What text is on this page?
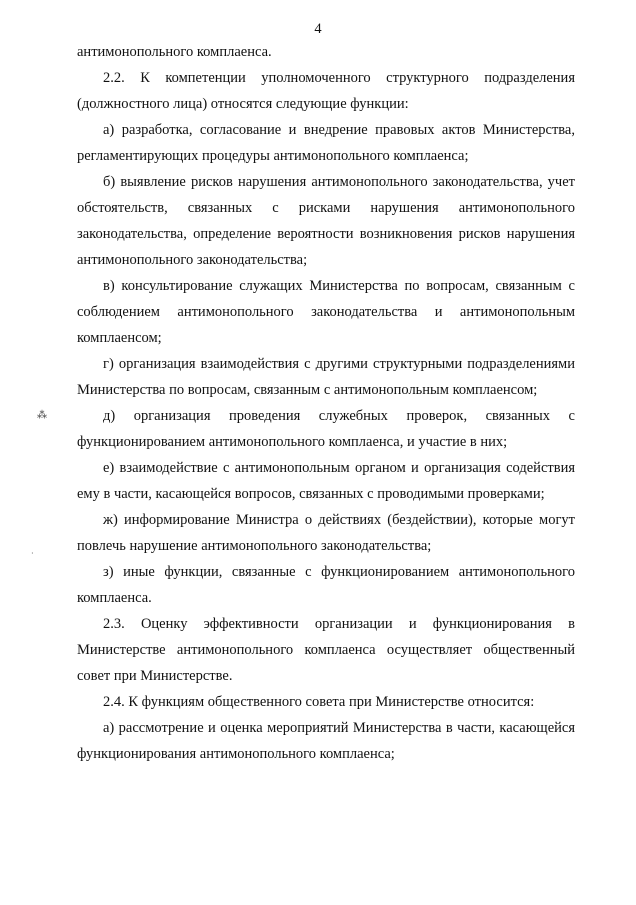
4

антимонопольного комплаенса.

2.2. К компетенции уполномоченного структурного подразделения (должностного лица) относятся следующие функции:

а) разработка, согласование и внедрение правовых актов Министерства, регламентирующих процедуры антимонопольного комплаенса;

б) выявление рисков нарушения антимонопольного законодательства, учет обстоятельств, связанных с рисками нарушения антимонопольного законодательства, определение вероятности возникновения рисков нарушения антимонопольного законодательства;

в) консультирование служащих Министерства по вопросам, связанным с соблюдением антимонопольного законодательства и антимонопольным комплаенсом;

г) организация взаимодействия с другими структурными подразделениями Министерства по вопросам, связанным с антимонопольным комплаенсом;

д) организация проведения служебных проверок, связанных с функционированием антимонопольного комплаенса, и участие в них;

е) взаимодействие с антимонопольным органом и организация содействия ему в части, касающейся вопросов, связанных с проводимыми проверками;

ж) информирование Министра о действиях (бездействии), которые могут повлечь нарушение антимонопольного законодательства;

з) иные функции, связанные с функционированием антимонопольного комплаенса.

2.3. Оценку эффективности организации и функционирования в Министерстве антимонопольного комплаенса осуществляет общественный совет при Министерстве.

2.4. К функциям общественного совета при Министерстве относится:

а) рассмотрение и оценка мероприятий Министерства в части, касающейся функционирования антимонопольного комплаенса;

⁂
·
